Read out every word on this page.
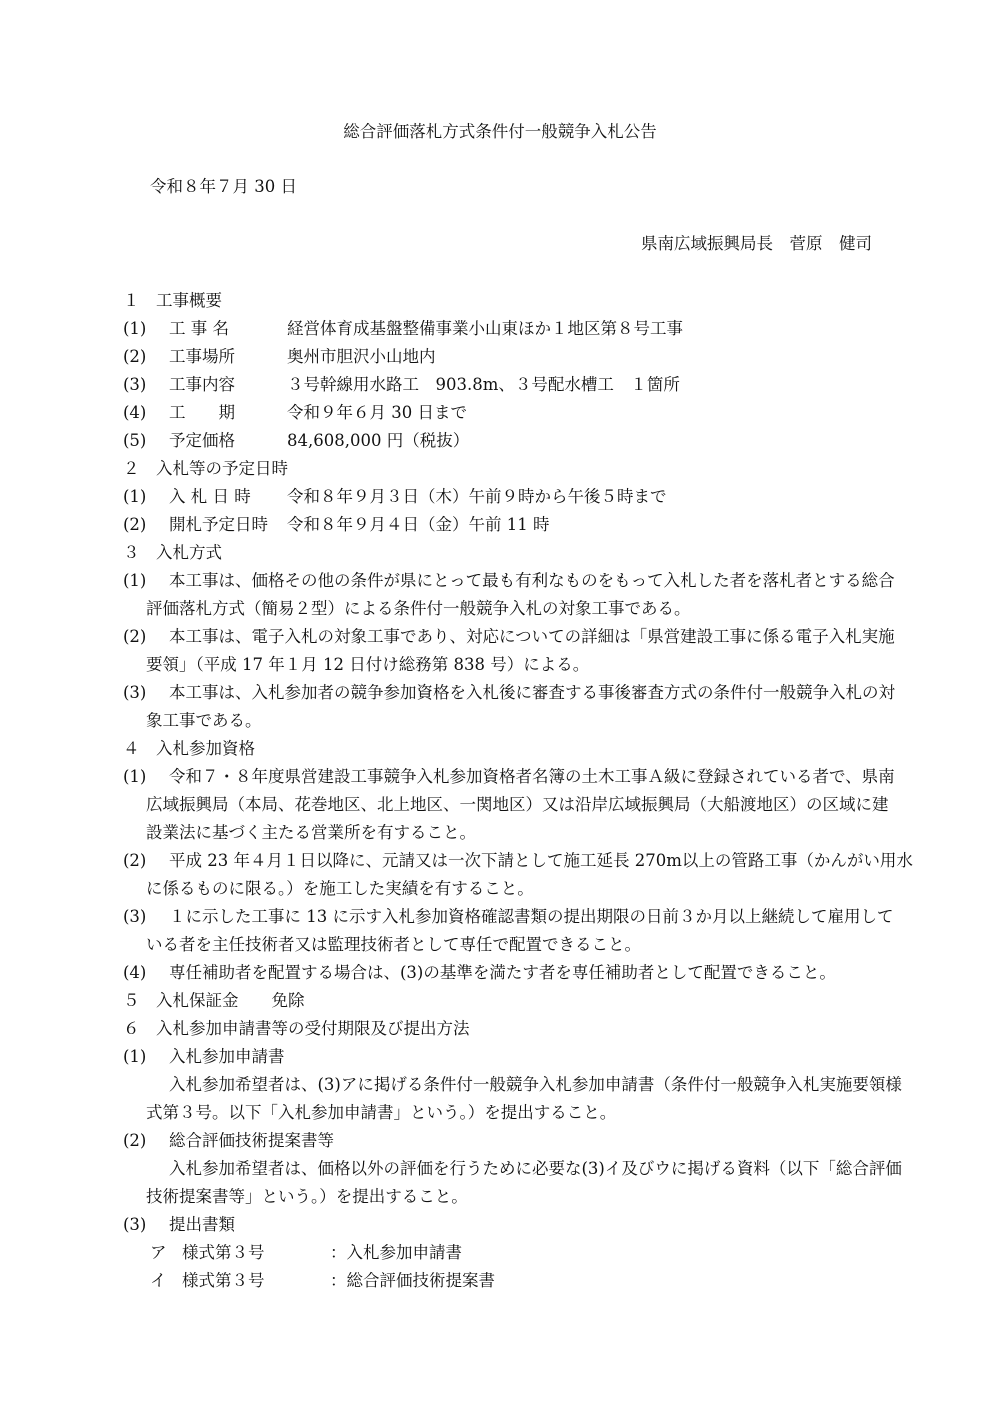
総合評価落札方式条件付一般競争入札公告
令和８年７月 30 日
県南広域振興局長　菅原　健司
１　工事概要
(1) 工 事 名	経営体育成基盤整備事業小山東ほか１地区第８号工事
(2) 工事場所	奥州市胆沢小山地内
(3) 工事内容	３号幹線用水路工　903.8m、３号配水槽工　１箇所
(4) 工　　期	令和９年６月 30 日まで
(5) 予定価格	84,608,000 円（税抜）
２　入札等の予定日時
(1) 入 札 日 時 令和８年９月３日（木）午前９時から午後５時まで
(2) 開札予定日時 令和８年９月４日（金）午前 11 時
３　入札方式
(1) 本工事は、価格その他の条件が県にとって最も有利なものをもって入札した者を落札者とする総合
評価落札方式（簡易２型）による条件付一般競争入札の対象工事である。
(2) 本工事は、電子入札の対象工事であり、対応についての詳細は「県営建設工事に係る電子入札実施
要領」（平成 17 年１月 12 日付け総務第 838 号）による。
(3) 本工事は、入札参加者の競争参加資格を入札後に審査する事後審査方式の条件付一般競争入札の対
象工事である。
４　入札参加資格
(1) 令和７・８年度県営建設工事競争入札参加資格者名簿の土木工事Ａ級に登録されている者で、県南
広域振興局（本局、花巻地区、北上地区、一関地区）又は沿岸広域振興局（大船渡地区）の区域に建
設業法に基づく主たる営業所を有すること。
(2) 平成 23 年４月１日以降に、元請又は一次下請として施工延長 270m以上の管路工事（かんがい用水
に係るものに限る。）を施工した実績を有すること。
(3) １に示した工事に 13 に示す入札参加資格確認書類の提出期限の日前３か月以上継続して雇用して
いる者を主任技術者又は監理技術者として専任で配置できること。
(4) 専任補助者を配置する場合は、(3)の基準を満たす者を専任補助者として配置できること。
５　入札保証金　　免除
６　入札参加申請書等の受付期限及び提出方法
(1) 入札参加申請書
入札参加希望者は、(3)アに掲げる条件付一般競争入札参加申請書（条件付一般競争入札実施要領様
式第３号。以下「入札参加申請書」という。）を提出すること。
(2) 総合評価技術提案書等
入札参加希望者は、価格以外の評価を行うために必要な(3)イ及びウに掲げる資料（以下「総合評価
技術提案書等」という。）を提出すること。
(3) 提出書類
ア 様式第３号	：入札参加申請書
イ 様式第３号	：総合評価技術提案書
